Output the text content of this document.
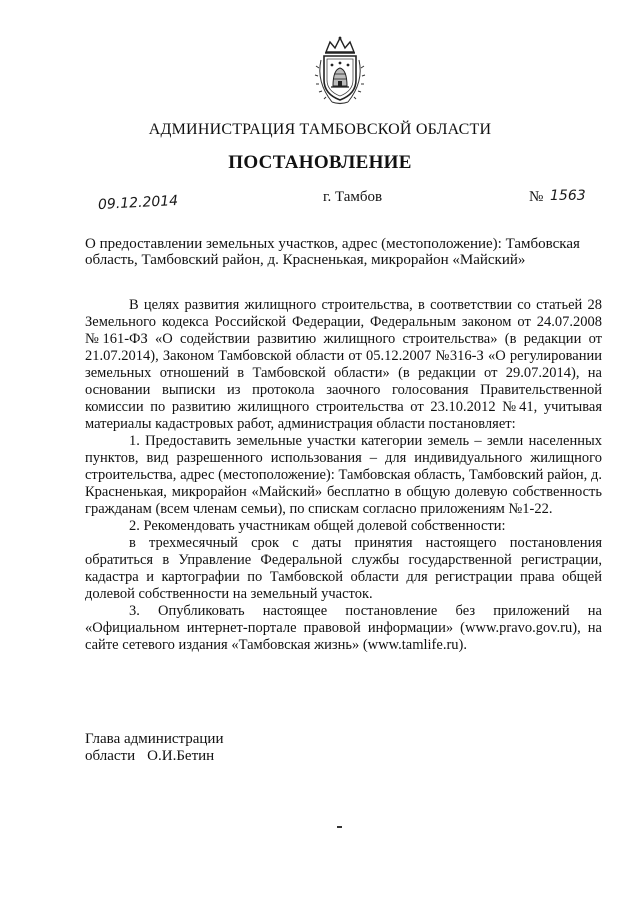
АДМИНИСТРАЦИЯ ТАМБОВСКОЙ ОБЛАСТИ
ПОСТАНОВЛЕНИЕ
09.12.2014	г. Тамбов	№ 1563
О предоставлении земельных участков, адрес (местоположение): Тамбовская область, Тамбовский район, д. Красненькая, микрорайон «Майский»

В целях развития жилищного строительства, в соответствии со статьей 28 Земельного кодекса Российской Федерации, Федеральным законом от 24.07.2008 №161-ФЗ «О содействии развитию жилищного строительства» (в редакции от 21.07.2014), Законом Тамбовской области от 05.12.2007 №316-З «О регулировании земельных отношений в Тамбовской области» (в редакции от 29.07.2014), на основании выписки из протокола заочного голосования Правительственной комиссии по развитию жилищного строительства от 23.10.2012 №41, учитывая материалы кадастровых работ, администрация области постановляет:

1. Предоставить земельные участки категории земель – земли населенных пунктов, вид разрешенного использования – для индивидуального жилищного строительства, адрес (местоположение): Тамбовская область, Тамбовский район, д. Красненькая, микрорайон «Майский» бесплатно в общую долевую собственность гражданам (всем членам семьи), по спискам согласно приложениям №1-22.

2. Рекомендовать участникам общей долевой собственности:

в трехмесячный срок с даты принятия настоящего постановления обратиться в Управление Федеральной службы государственной регистрации, кадастра и картографии по Тамбовской области для регистрации права общей долевой собственности на земельный участок.

3. Опубликовать настоящее постановление без приложений на «Официальном интернет-портале правовой информации» (www.pravo.gov.ru), на сайте сетевого издания «Тамбовская жизнь» (www.tamlife.ru).

Глава администрации
области О.И.Бетин
